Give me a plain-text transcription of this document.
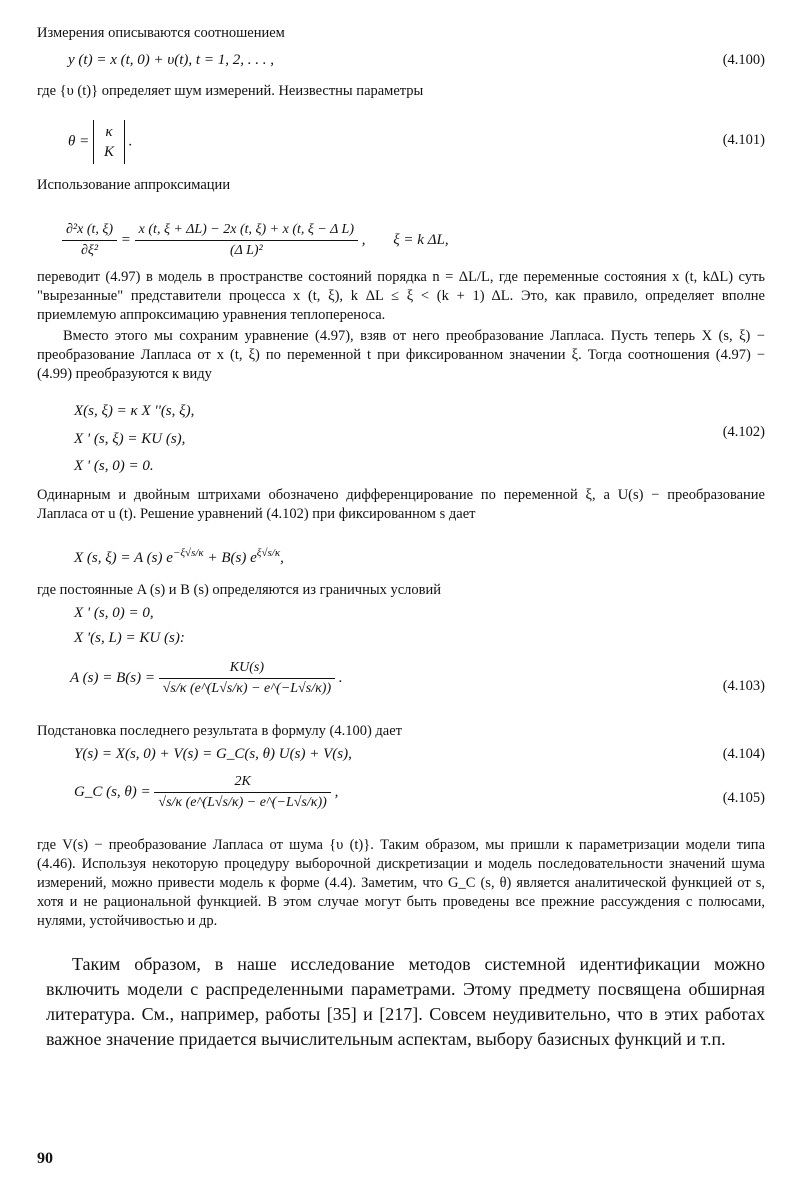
Измерения описываются соотношением
y (t) = x (t, 0) + υ(t), t = 1, 2, . . . ,	(4.100)
где {υ (t)} определяет шум измерений. Неизвестны параметры
θ =
κ
K
.	(4.101)
Использование аппроксимации
$\frac{\text{∂²x (t, ξ)}}{\text{∂ξ²}} = \frac{\text{x (t, ξ + ΔL) − 2x (t, ξ) + x (t, ξ − Δ L)}}{\text{(Δ L)²}}$ , ξ = k ΔL,
переводит (4.97) в модель в пространстве состояний порядка n = ΔL/L, где переменные состояния x (t, kΔL) суть "вырезанные" представители процесса x (t, ξ), k ΔL ≤ ξ < (k + 1) ΔL. Это, как правило, определяет вполне приемлемую аппроксимацию уравнения теплопереноса.
Вместо этого мы сохраним уравнение (4.97), взяв от него преобразование Лапласа. Пусть теперь X (s, ξ) − преобразование Лапласа от x (t, ξ) по переменной t при фиксированном значении ξ. Тогда соотношения (4.97) − (4.99) преобразуются к виду
X(s, ξ) = κ X ''(s, ξ),
X ' (s, ξ) = KU (s),
X ' (s, 0) = 0.
(4.102)
Одинарным и двойным штрихами обозначено дифференцирование по переменной ξ, а U(s) − преобразование Лапласа от u (t). Решение уравнений (4.102) при фиксированном s дает
X (s, ξ) = A (s) $e^{-\xi√s/\kappa} + B(s)$ $e^{\xi√s/\kappa}$,
где постоянные A (s) и B (s) определяются из граничных условий
X ' (s, 0) = 0,
X '(s, L) = KU (s):
A $(s) = B(s) = \frac{KU(s)}{√s/\kappa (e\^{}(L√s/\kappa) - e\^{}(-L√s/\kappa))}$ .
(4.103)
Подстановка последнего результата в формулу (4.100) дает
Y(s) = X(s, 0) + V(s) = G_C(s, θ) U(s) + V(s),	(4.104)
G_C (s, $\theta) = \frac{2K}{√s/\kappa (e\^{}(L√s/\kappa) - e\^{}(-L√s/\kappa))}$ ,	(4.105)
где V(s) − преобразование Лапласа от шума {υ (t)}. Таким образом, мы пришли к параметризации модели типа (4.46). Используя некоторую процедуру выборочной дискретизации и модель последовательности значений шума измерений, можно привести модель к форме (4.4). Заметим, что G_C (s, θ) является аналитической функцией от s, хотя и не рациональной функцией. В этом случае могут быть проведены все прежние рассуждения с полюсами, нулями, устойчивостью и др.
Таким образом, в наше исследование методов системной идентификации можно включить модели с распределенными параметрами. Этому предмету посвящена обширная литература. См., например, работы [35] и [217]. Совсем неудивительно, что в этих работах важное значение придается вычислительным аспектам, выбору базисных функций и т.п.
90
